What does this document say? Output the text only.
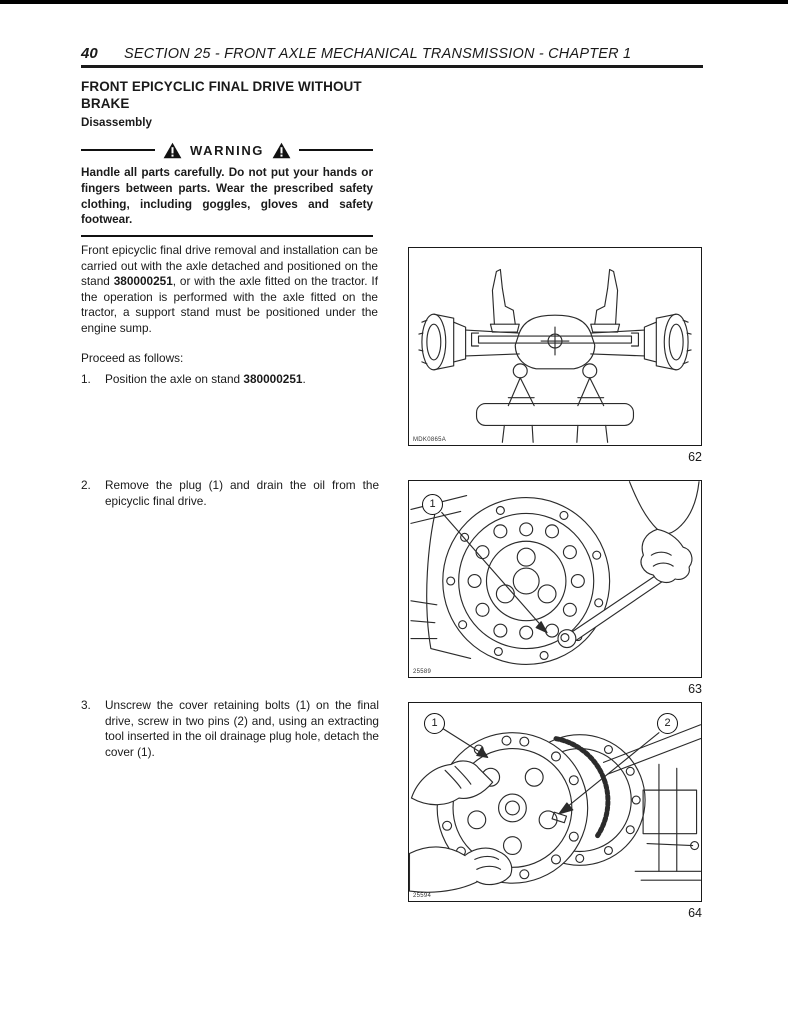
40 SECTION 25 - FRONT AXLE MECHANICAL TRANSMISSION - CHAPTER 1
FRONT EPICYCLIC FINAL DRIVE WITHOUT
BRAKE
Disassembly
WARNING
Handle all parts carefully. Do not put your hands or fingers between parts. Wear the prescribed safety clothing, including goggles, gloves and safety footwear.
Front epicyclic final drive removal and installation can be carried out with the axle detached and positioned on the stand 380000251, or with the axle fitted on the tractor. If the operation is performed with the axle fitted on the tractor, a support stand must be positioned under the engine sump.
Proceed as follows:
1.	Position the axle on stand 380000251.
2.	Remove the plug (1) and drain the oil from the epicyclic final drive.
3.	Unscrew the cover retaining bolts (1) on the final drive, screw in two pins (2) and, using an extracting tool inserted in the oil drainage plug hole, detach the cover (1).
MDK0865A
62
1
25589
63
1	2
25594
64
